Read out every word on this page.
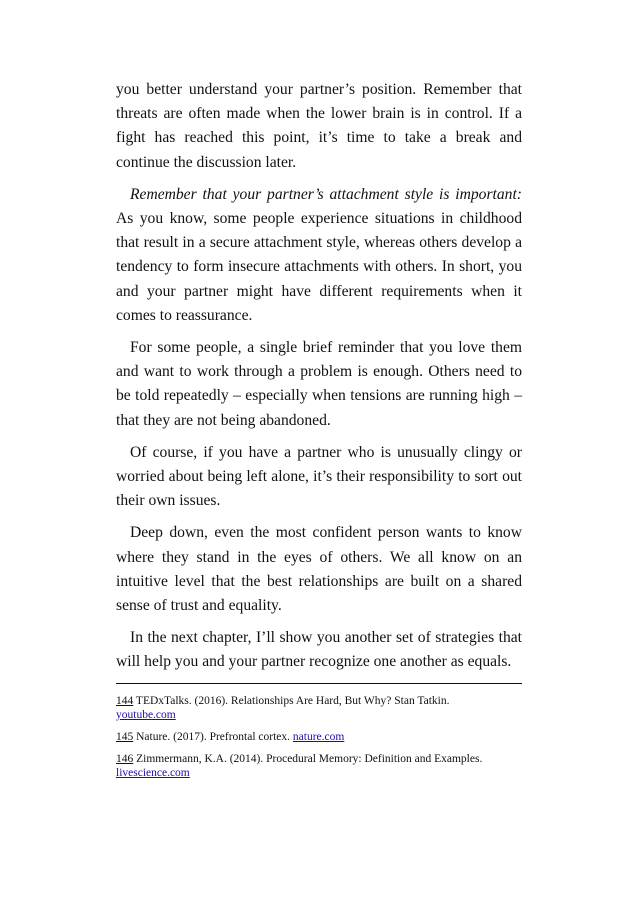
you better understand your partner’s position. Remember that threats are often made when the lower brain is in control. If a fight has reached this point, it’s time to take a break and continue the discussion later.

Remember that your partner’s attachment style is important: As you know, some people experience situations in childhood that result in a secure attachment style, whereas others develop a tendency to form insecure attachments with others. In short, you and your partner might have different requirements when it comes to reassurance.

For some people, a single brief reminder that you love them and want to work through a problem is enough. Others need to be told repeatedly – especially when tensions are running high – that they are not being abandoned.

Of course, if you have a partner who is unusually clingy or worried about being left alone, it’s their responsibility to sort out their own issues.

Deep down, even the most confident person wants to know where they stand in the eyes of others. We all know on an intuitive level that the best relationships are built on a shared sense of trust and equality.

In the next chapter, I’ll show you another set of strategies that will help you and your partner recognize one another as equals.

144 TEDxTalks. (2016). Relationships Are Hard, But Why? Stan Tatkin.
youtube.com

145 Nature. (2017). Prefrontal cortex. nature.com

146 Zimmermann, K.A. (2014). Procedural Memory: Definition and Examples.
livescience.com
